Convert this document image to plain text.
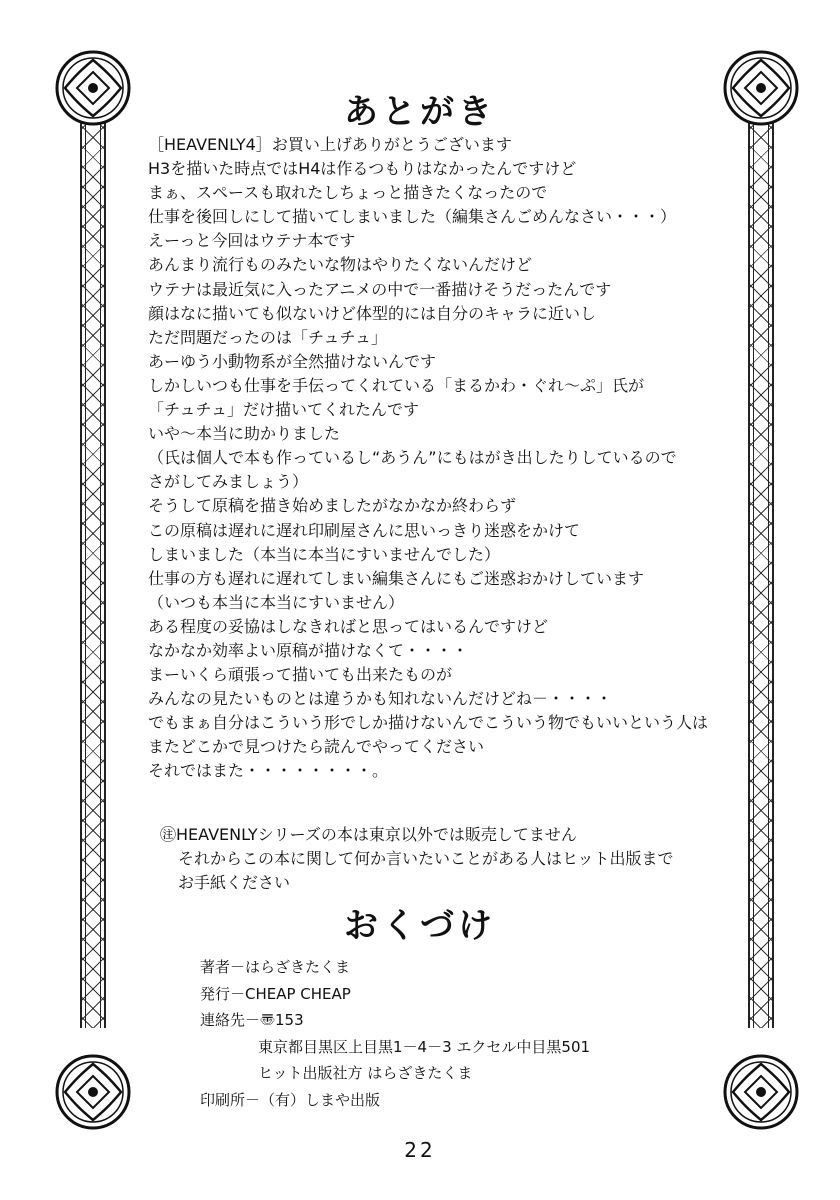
あとがき
［HEAVENLY4］お買い上げありがとうございます
H3を描いた時点ではH4は作るつもりはなかったんですけど
まぁ、スペースも取れたしちょっと描きたくなったので
仕事を後回しにして描いてしまいました（編集さんごめんなさい・・・）
えーっと今回はウテナ本です
あんまり流行ものみたいな物はやりたくないんだけど
ウテナは最近気に入ったアニメの中で一番描けそうだったんです
顔はなに描いても似ないけど体型的には自分のキャラに近いし
ただ問題だったのは「チュチュ」
あーゆう小動物系が全然描けないんです
しかしいつも仕事を手伝ってくれている「まるかわ・ぐれ～ぷ」氏が
「チュチュ」だけ描いてくれたんです
いや～本当に助かりました
（氏は個人で本も作っているし“あうん”にもはがき出したりしているので
さがしてみましょう）
そうして原稿を描き始めましたがなかなか終わらず
この原稿は遅れに遅れ印刷屋さんに思いっきり迷惑をかけて
しまいました（本当に本当にすいませんでした）
仕事の方も遅れに遅れてしまい編集さんにもご迷惑おかけしています
（いつも本当に本当にすいません）
ある程度の妥協はしなきればと思ってはいるんですけど
なかなか効率よい原稿が描けなくて・・・・
まーいくら頑張って描いても出来たものが
みんなの見たいものとは違うかも知れないんだけどね－・・・・
でもまぁ自分はこういう形でしか描けないんでこういう物でもいいという人は
またどこかで見つけたら読んでやってください
それではまた・・・・・・・・。
㊟HEAVENLYシリーズの本は東京以外では販売してません
それからこの本に関して何か言いたいことがある人はヒット出版まで
お手紙ください
おくづけ
著者－はらざきたくま
発行－CHEAP CHEAP
連絡先－〠153
東京都目黒区上目黒1－4－3 エクセル中目黒501
ヒット出版社方 はらざきたくま
印刷所－（有）しまや出版
22
